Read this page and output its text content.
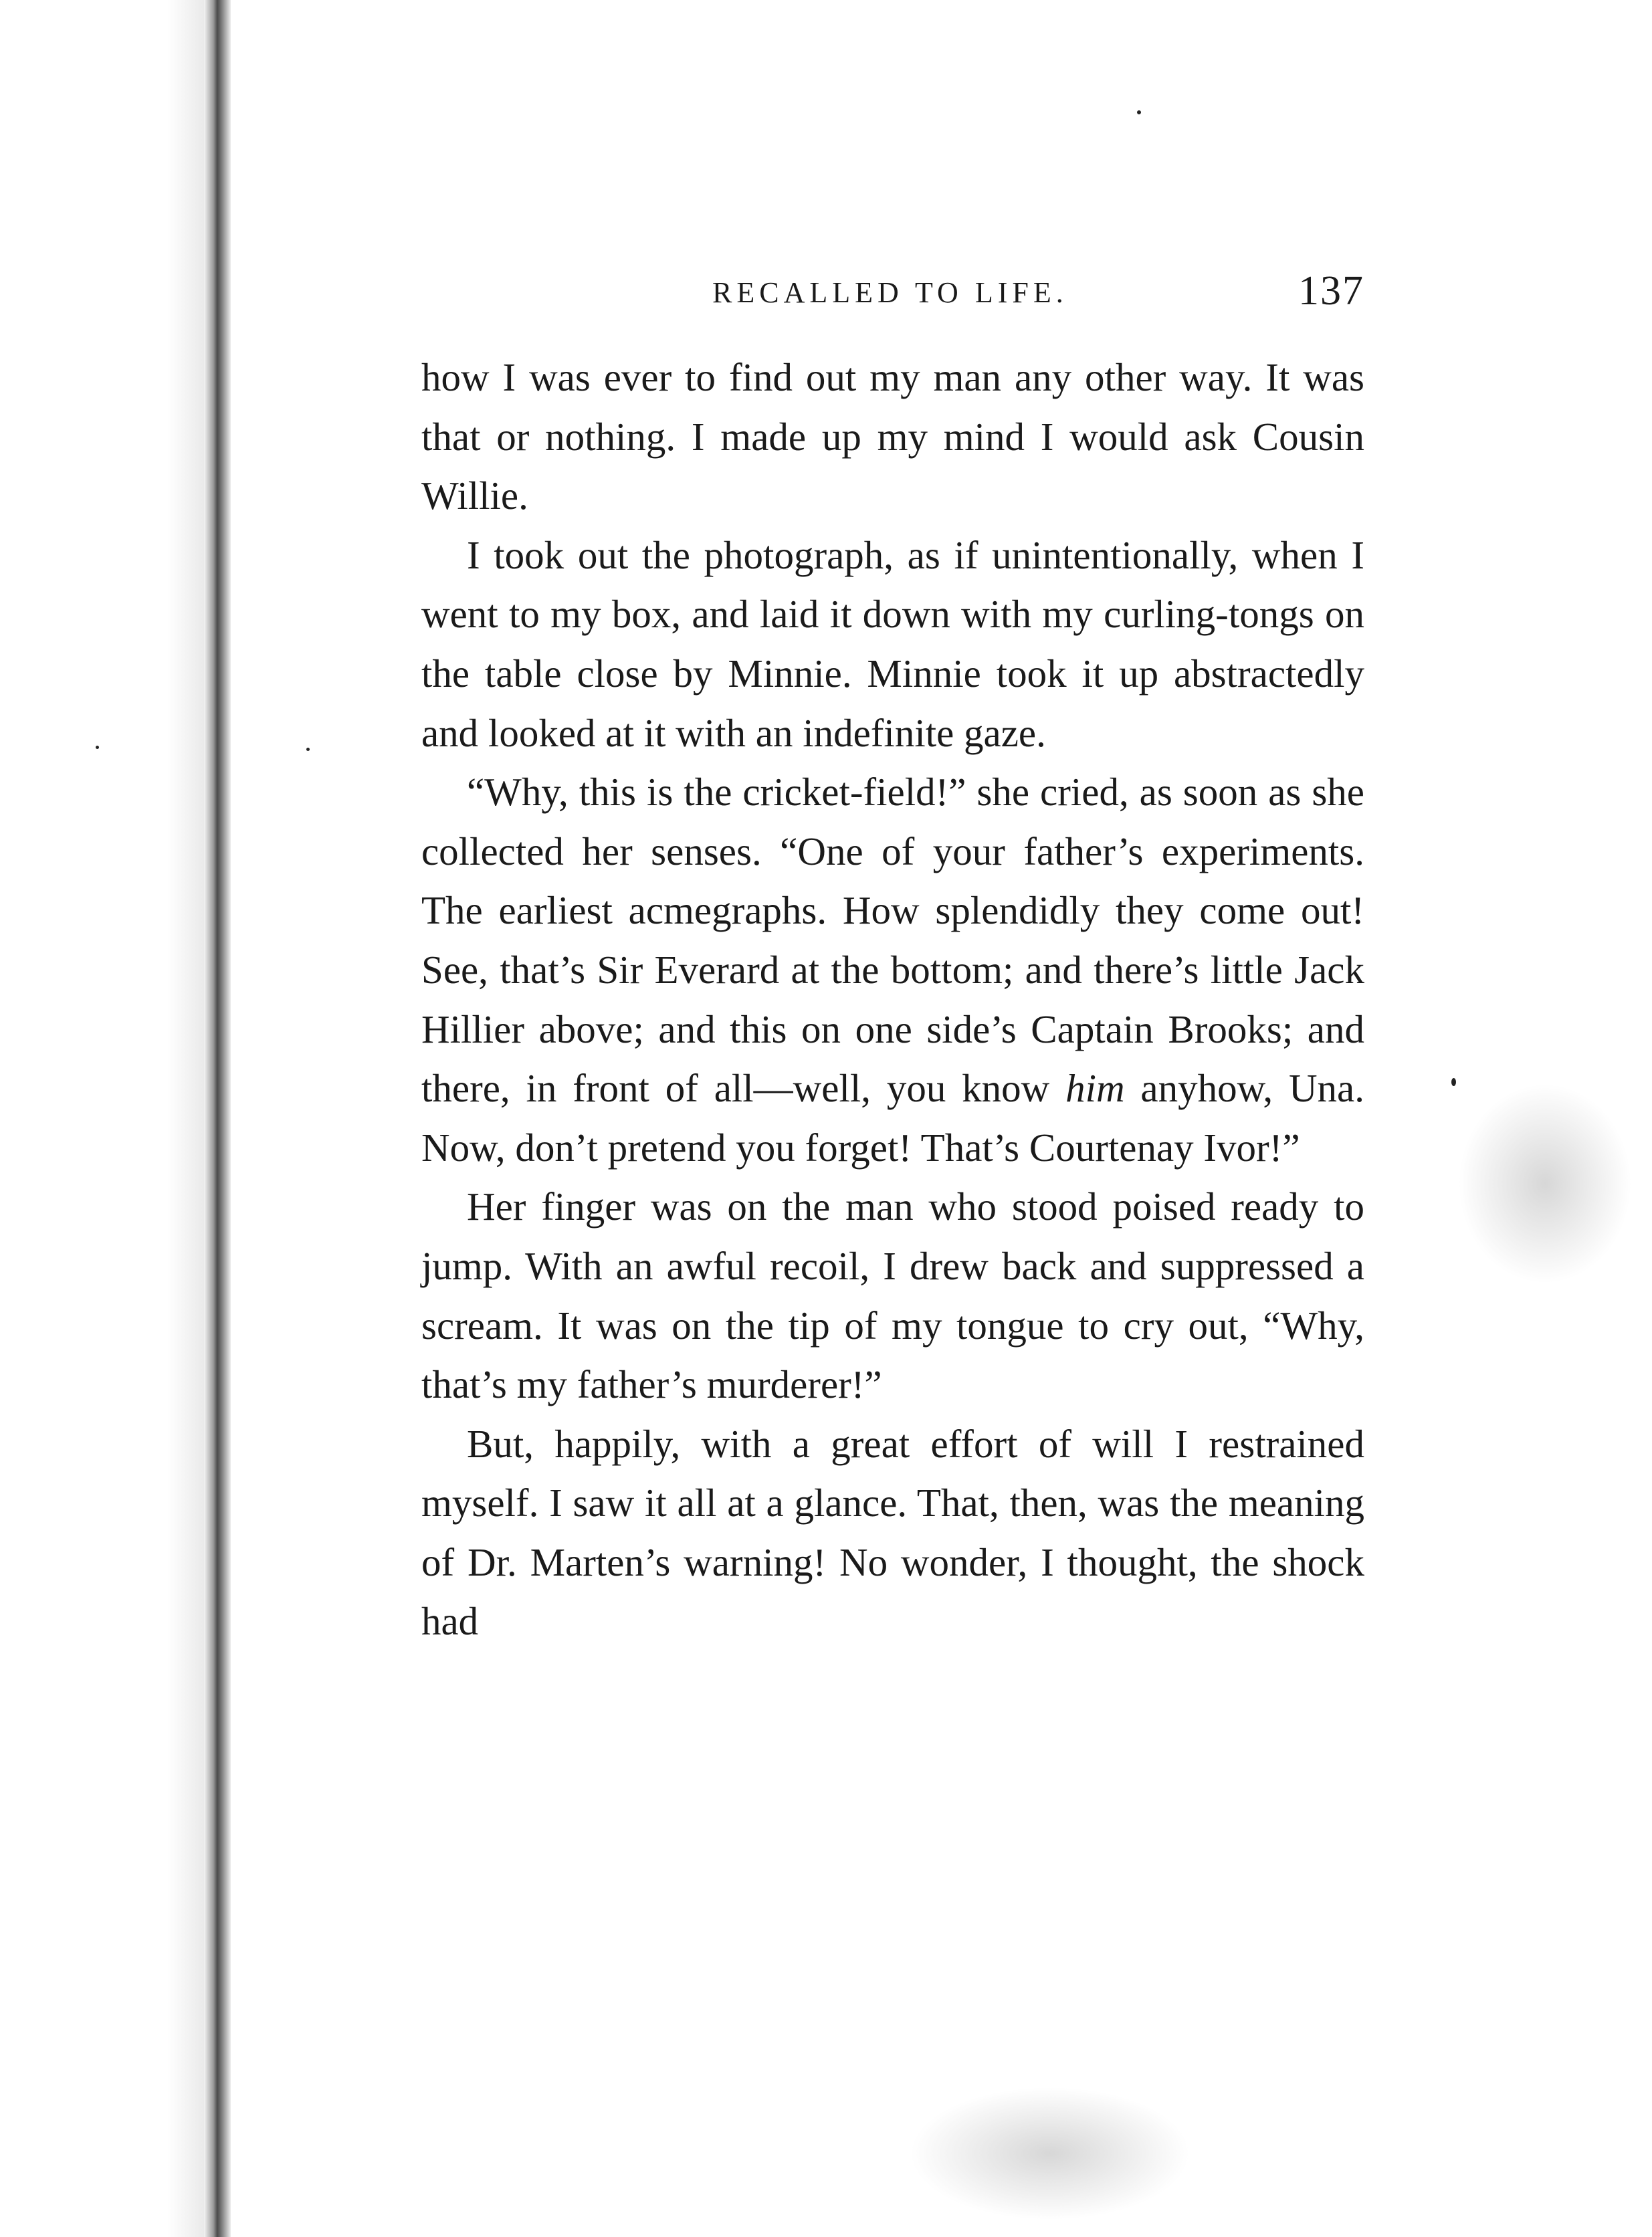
RECALLED TO LIFE.	137

how I was ever to find out my man any other way. It was that or nothing. I made up my mind I would ask Cousin Willie.

I took out the photograph, as if unintentionally, when I went to my box, and laid it down with my curling-tongs on the table close by Minnie. Minnie took it up abstractedly and looked at it with an indefinite gaze.

“Why, this is the cricket-field!” she cried, as soon as she collected her senses. “One of your father’s experiments. The earliest acmegraphs. How splendidly they come out! See, that’s Sir Everard at the bottom; and there’s little Jack Hillier above; and this on one side’s Captain Brooks; and there, in front of all—well, you know him anyhow, Una. Now, don’t pretend you forget! That’s Courtenay Ivor!”

Her finger was on the man who stood poised ready to jump. With an awful recoil, I drew back and suppressed a scream. It was on the tip of my tongue to cry out, “Why, that’s my father’s murderer!”

But, happily, with a great effort of will I restrained myself. I saw it all at a glance. That, then, was the meaning of Dr. Marten’s warning! No wonder, I thought, the shock had
